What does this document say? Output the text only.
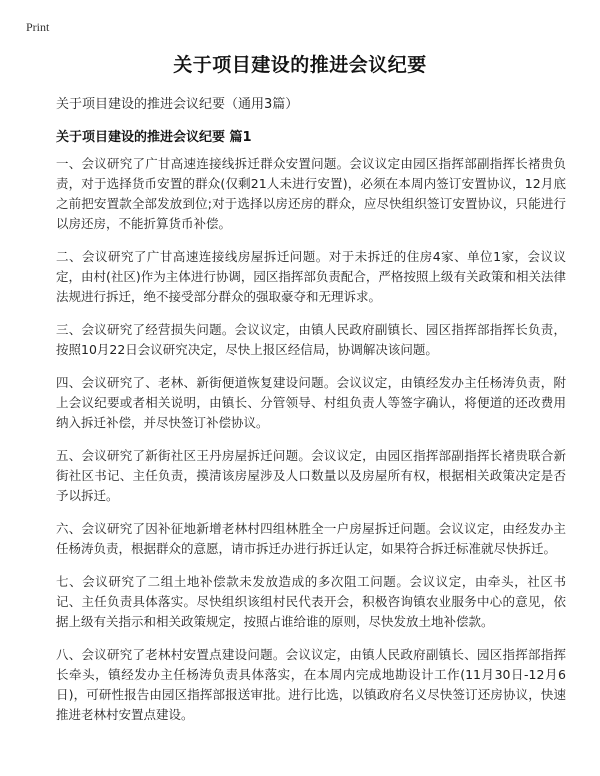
Print
关于项目建设的推进会议纪要
关于项目建设的推进会议纪要（通用3篇）
关于项目建设的推进会议纪要 篇1

一、会议研究了广甘高速连接线拆迁群众安置问题。会议议定由园区指挥部副指挥长褚贵负责，对于选择货币安置的群众(仅剩21人未进行安置)，必须在本周内签订安置协议，12月底之前把安置款全部发放到位;对于选择以房还房的群众，应尽快组织签订安置协议，只能进行以房还房，不能折算货币补偿。

二、会议研究了广甘高速连接线房屋拆迁问题。对于未拆迁的住房4家、单位1家，会议议定，由村(社区)作为主体进行协调，园区指挥部负责配合，严格按照上级有关政策和相关法律法规进行拆迁，绝不接受部分群众的强取豪夺和无理诉求。

三、会议研究了经营损失问题。会议议定，由镇人民政府副镇长、园区指挥部指挥长负责，按照10月22日会议研究决定，尽快上报区经信局，协调解决该问题。

四、会议研究了、老林、新街便道恢复建设问题。会议议定，由镇经发办主任杨涛负责，附上会议纪要或者相关说明，由镇长、分管领导、村组负责人等签字确认，将便道的还改费用纳入拆迁补偿，并尽快签订补偿协议。

五、会议研究了新街社区王丹房屋拆迁问题。会议议定，由园区指挥部副指挥长褚贵联合新街社区书记、主任负责，摸清该房屋涉及人口数量以及房屋所有权，根据相关政策决定是否予以拆迁。

六、会议研究了因补征地新增老林村四组林胜全一户房屋拆迁问题。会议议定，由经发办主任杨涛负责，根据群众的意愿，请市拆迁办进行拆迁认定，如果符合拆迁标准就尽快拆迁。

七、会议研究了二组土地补偿款未发放造成的多次阻工问题。会议议定，由牵头，社区书记、主任负责具体落实。尽快组织该组村民代表开会，积极咨询镇农业服务中心的意见，依据上级有关指示和相关政策规定，按照占谁给谁的原则，尽快发放土地补偿款。

八、会议研究了老林村安置点建设问题。会议议定，由镇人民政府副镇长、园区指挥部指挥长牵头，镇经发办主任杨涛负责具体落实，在本周内完成地勘设计工作(11月30日-12月6日)，可研性报告由园区指挥部报送审批。进行比选，以镇政府名义尽快签订还房协议，快速推进老林村安置点建设。
